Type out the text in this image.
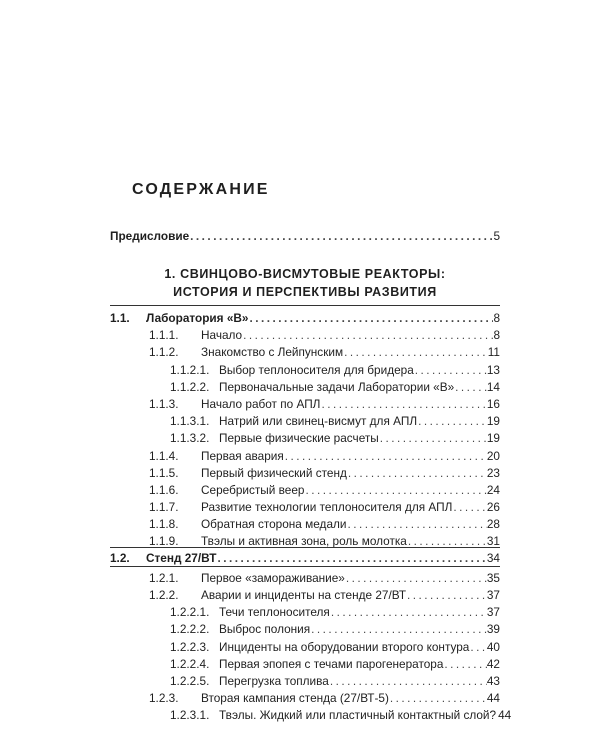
СОДЕРЖАНИЕ
Предисловие . . .	5
1. СВИНЦОВО-ВИСМУТОВЫЕ РЕАКТОРЫ:
ИСТОРИЯ И ПЕРСПЕКТИВЫ РАЗВИТИЯ
1.1. Лаборатория «В» . . .	8
1.1.1. Начало . . .	8
1.1.2. Знакомство с Лейпунским . . .	11
1.1.2.1. Выбор теплоносителя для бридера . . .	13
1.1.2.2. Первоначальные задачи Лаборатории «В» . . .	14
1.1.3. Начало работ по АПЛ . . .	16
1.1.3.1. Натрий или свинец-висмут для АПЛ . . .	19
1.1.3.2. Первые физические расчеты . . .	19
1.1.4. Первая авария . . .	20
1.1.5. Первый физический стенд . . .	23
1.1.6. Серебристый веер . . .	24
1.1.7. Развитие технологии теплоносителя для АПЛ . . .	26
1.1.8. Обратная сторона медали . . .	28
1.1.9. Твэлы и активная зона, роль молотка . . .	31
1.2. Стенд 27/ВТ . . .	34
1.2.1. Первое «замораживание» . . .	35
1.2.2. Аварии и инциденты на стенде 27/ВТ . . .	37
1.2.2.1. Течи теплоносителя . . .	37
1.2.2.2. Выброс полония . . .	39
1.2.2.3. Инциденты на оборудовании второго контура . . . 40
1.2.2.4. Первая эпопея с течами парогенератора . . .	42
1.2.2.5. Перегрузка топлива . . .	43
1.2.3. Вторая кампания стенда (27/ВТ-5) . . .	44
1.2.3.1. Твэлы. Жидкий или пластичный контактный слой? . . . 44
